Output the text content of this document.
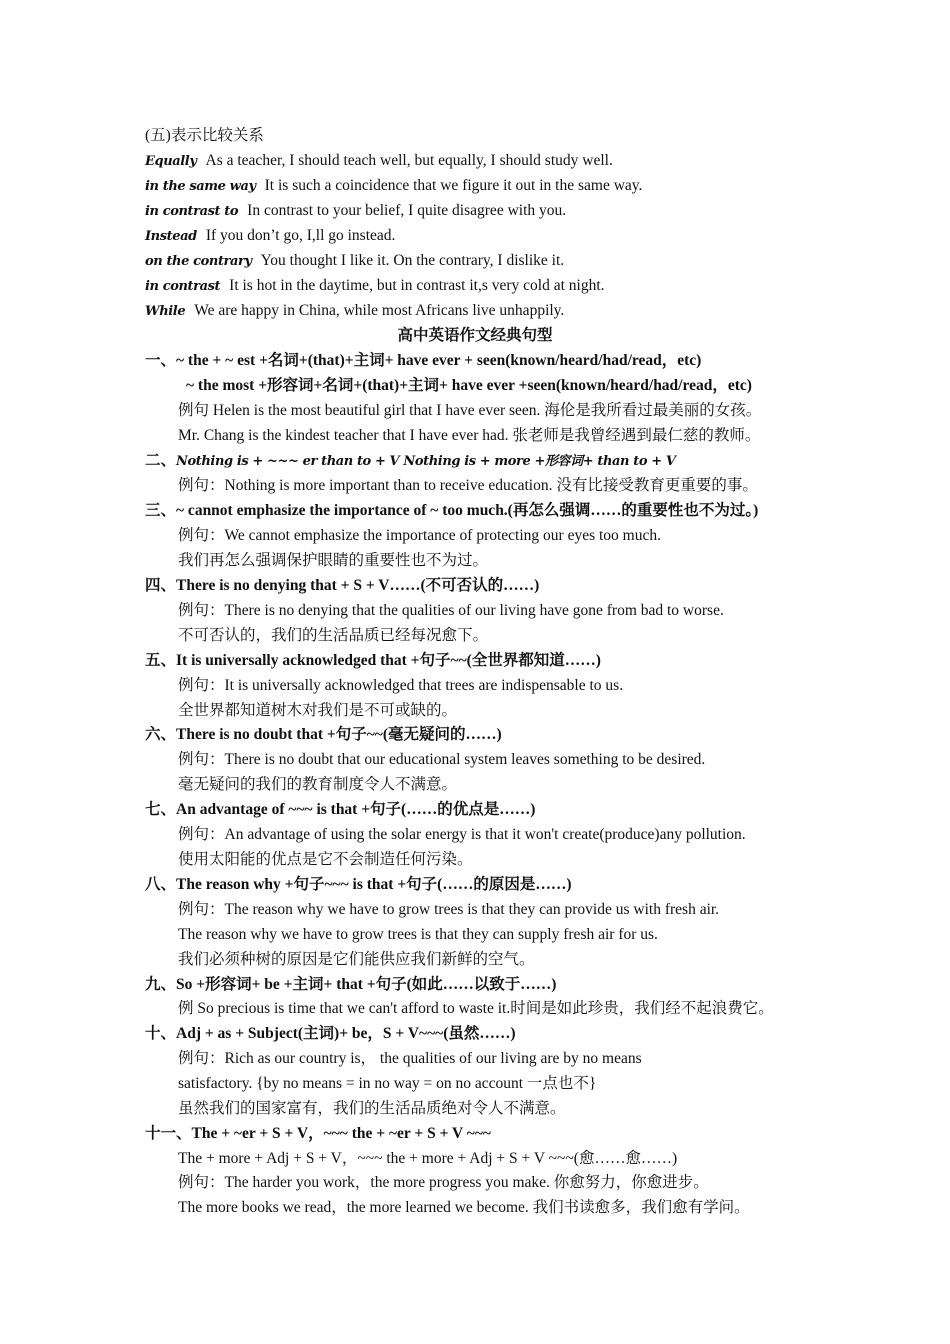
(五)表示比较关系
Equally As a teacher, I should teach well, but equally, I should study well.
in the same way It is such a coincidence that we figure it out in the same way.
in contrast to In contrast to your belief, I quite disagree with you.
Instead If you don’t go, I,ll go instead.
on the contrary You thought I like it. On the contrary, I dislike it.
in contrast It is hot in the daytime, but in contrast it,s very cold at night.
While We are happy in China, while most Africans live unhappily.
高中英语作文经典句型
一、~ the + ~ est +名词+(that)+主词+ have ever + seen(known/heard/had/read，etc)
~ the most +形容词+名词+(that)+主词+ have ever +seen(known/heard/had/read，etc)
例句 Helen is the most beautiful girl that I have ever seen. 海伦是我所看过最美丽的女孩。
Mr. Chang is the kindest teacher that I have ever had. 张老师是我曾经遇到最仁慈的教师。
二、Nothing is + ~~~ er than to + V Nothing is + more +形容词+ than to + V
例句：Nothing is more important than to receive education. 没有比接受教育更重要的事。
三、~ cannot emphasize the importance of ~ too much.(再怎么强调……的重要性也不为过。)
例句：We cannot emphasize the importance of protecting our eyes too much.
我们再怎么强调保护眼睛的重要性也不为过。
四、There is no denying that + S + V……(不可否认的……)
例句：There is no denying that the qualities of our living have gone from bad to worse.
不可否认的，我们的生活品质已经每况愈下。
五、It is universally acknowledged that +句子~~(全世界都知道……)
例句：It is universally acknowledged that trees are indispensable to us.
全世界都知道树木对我们是不可或缺的。
六、There is no doubt that +句子~~(毫无疑问的……)
例句：There is no doubt that our educational system leaves something to be desired.
毫无疑问的我们的教育制度令人不满意。
七、An advantage of ~~~ is that +句子(……的优点是……)
例句：An advantage of using the solar energy is that it won't create(produce)any pollution.
使用太阳能的优点是它不会制造任何污染。
八、The reason why +句子~~~ is that +句子(……的原因是……)
例句：The reason why we have to grow trees is that they can provide us with fresh air.
The reason why we have to grow trees is that they can supply fresh air for us.
我们必须种树的原因是它们能供应我们新鲜的空气。
九、So +形容词+ be +主词+ that +句子(如此……以致于……)
例 So precious is time that we can't afford to waste it.时间是如此珍贵，我们经不起浪费它。
十、Adj + as + Subject(主词)+ be，S + V~~~(虽然……)
例句：Rich as our country is， the qualities of our living are by no means
satisfactory. {by no means = in no way = on no account 一点也不}
虽然我们的国家富有，我们的生活品质绝对令人不满意。
十一、The + ~er + S + V，~~~ the + ~er + S + V ~~~
The + more + Adj + S + V，~~~ the + more + Adj + S + V ~~~(愈……愈……)
例句：The harder you work，the more progress you make. 你愈努力，你愈进步。
The more books we read，the more learned we become. 我们书读愈多，我们愈有学问。
